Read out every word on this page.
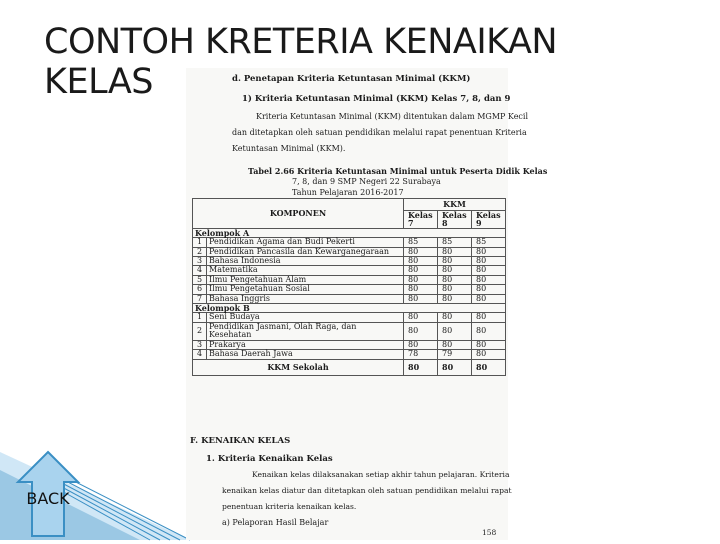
CONTOH KRETERIA KENAIKAN KELAS
BACK
d. Penetapan Kriteria Ketuntasan Minimal (KKM)
1) Kriteria Ketuntasan Minimal (KKM) Kelas 7, 8, dan 9
Kriteria Ketuntasan Minimal (KKM) ditentukan dalam MGMP Kecil
dan ditetapkan oleh satuan pendidikan melalui rapat penentuan Kriteria
Ketuntasan Minimal (KKM).
Tabel 2.66 Kriteria Ketuntasan Minimal untuk Peserta Didik Kelas
7, 8, dan 9 SMP Negeri 22 Surabaya
Tahun Pelajaran 2016-2017
KOMPONEN		KKM		
		Kelas 7	Kelas 8	Kelas 9
Kelompok A				
1	Pendidikan Agama dan Budi Pekerti	85	85	85
2	Pendidikan Pancasila dan Kewarganegaraan	80	80	80
3	Bahasa Indonesia	80	80	80
4	Matematika	80	80	80
5	Ilmu Pengetahuan Alam	80	80	80
6	Ilmu Pengetahuan Sosial	80	80	80
7	Bahasa Inggris	80	80	80
Kelompok B				
1	Seni Budaya	80	80	80
2	Pendidikan Jasmani, Olah Raga, dan Kesehatan	80	80	80
3	Prakarya	80	80	80
4	Bahasa Daerah Jawa	78	79	80
KKM Sekolah		80	80	80
F. KENAIKAN KELAS
1. Kriteria Kenaikan Kelas
Kenaikan kelas dilaksanakan setiap akhir tahun pelajaran. Kriteria
kenaikan kelas diatur dan ditetapkan oleh satuan pendidikan melalui rapat
penentuan kriteria kenaikan kelas.
a) Pelaporan Hasil Belajar
158
